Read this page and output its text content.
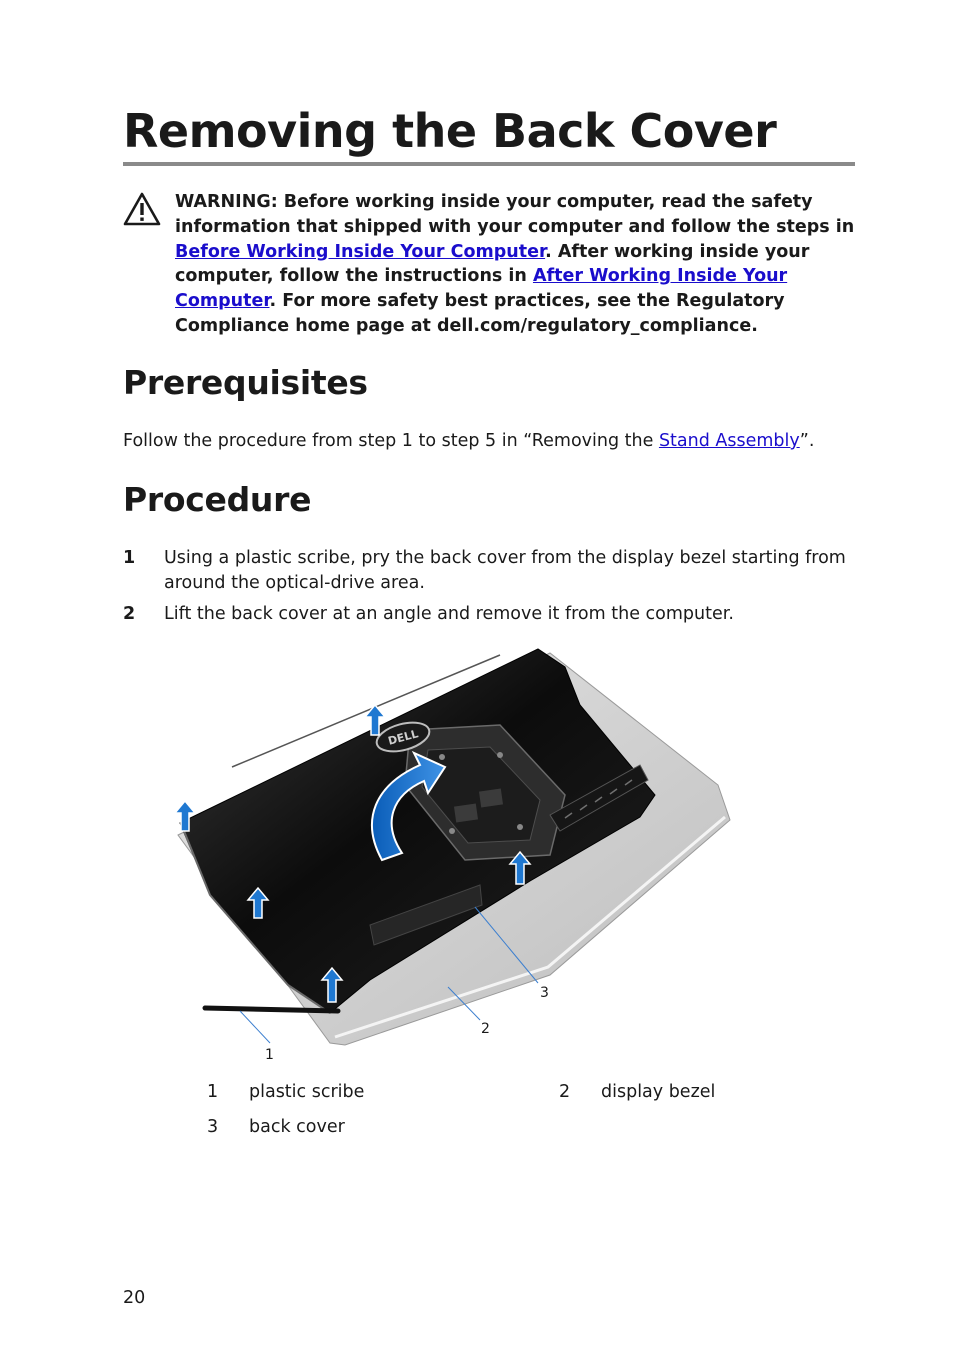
Removing the Back Cover

WARNING: Before working inside your computer, read the safety information that shipped with your computer and follow the steps in Before Working Inside Your Computer. After working inside your computer, follow the instructions in After Working Inside Your Computer. For more safety best practices, see the Regulatory Compliance home page at dell.com/regulatory_compliance.

Prerequisites

Follow the procedure from step 1 to step 5 in “Removing the Stand Assembly”.

Procedure
1 Using a plastic scribe, pry the back cover from the display bezel starting from around the optical-drive area.
2 Lift the back cover at an angle and remove it from the computer.
DELL
1
2
3
1 plastic scribe	2 display bezel
3 back cover
20
